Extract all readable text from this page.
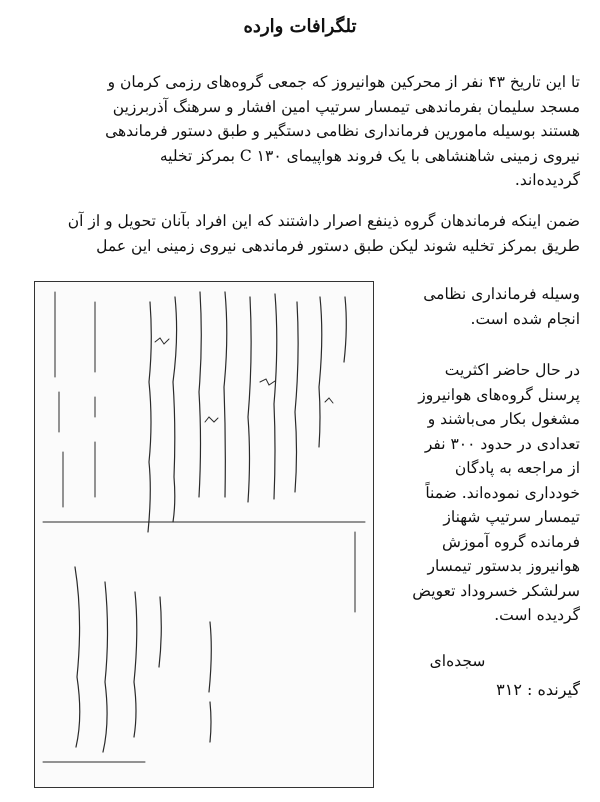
تلگرافات وارده
تا این تاریخ ۴۳ نفر از محرکین هوانیروز که جمعی گروه‌های رزمی کرمان و
مسجد سلیمان بفرماندهی تیمسار سرتیپ امین افشار و سرهنگ آذربرزین
هستند بوسیله مامورین فرمانداری نظامی دستگیر و طبق دستور فرماندهی
نیروی زمینی شاهنشاهی با یک فروند هواپیمای C ۱۳۰ بمرکز تخلیه
گردیده‌اند.
ضمن اینکه فرماندهان گروه ذینفع اصرار داشتند که این افراد بآنان تحویل و از آن
طریق بمرکز تخلیه شوند لیکن طبق دستور فرماندهی نیروی زمینی این عمل
وسیله فرمانداری نظامی
انجام شده است.
در حال حاضر اکثریت
پرسنل گروه‌های هوانیروز
مشغول بکار می‌باشند و
تعدادی در حدود ۳۰۰ نفر
از مراجعه به پادگان
خودداری نموده‌اند. ضمناً
تیمسار سرتیپ شهناز
فرمانده گروه آموزش
هوانیروز بدستور تیمسار
سرلشکر خسروداد تعویض
گردیده است.
سجده‌ای
گیرنده : ۳۱۲
